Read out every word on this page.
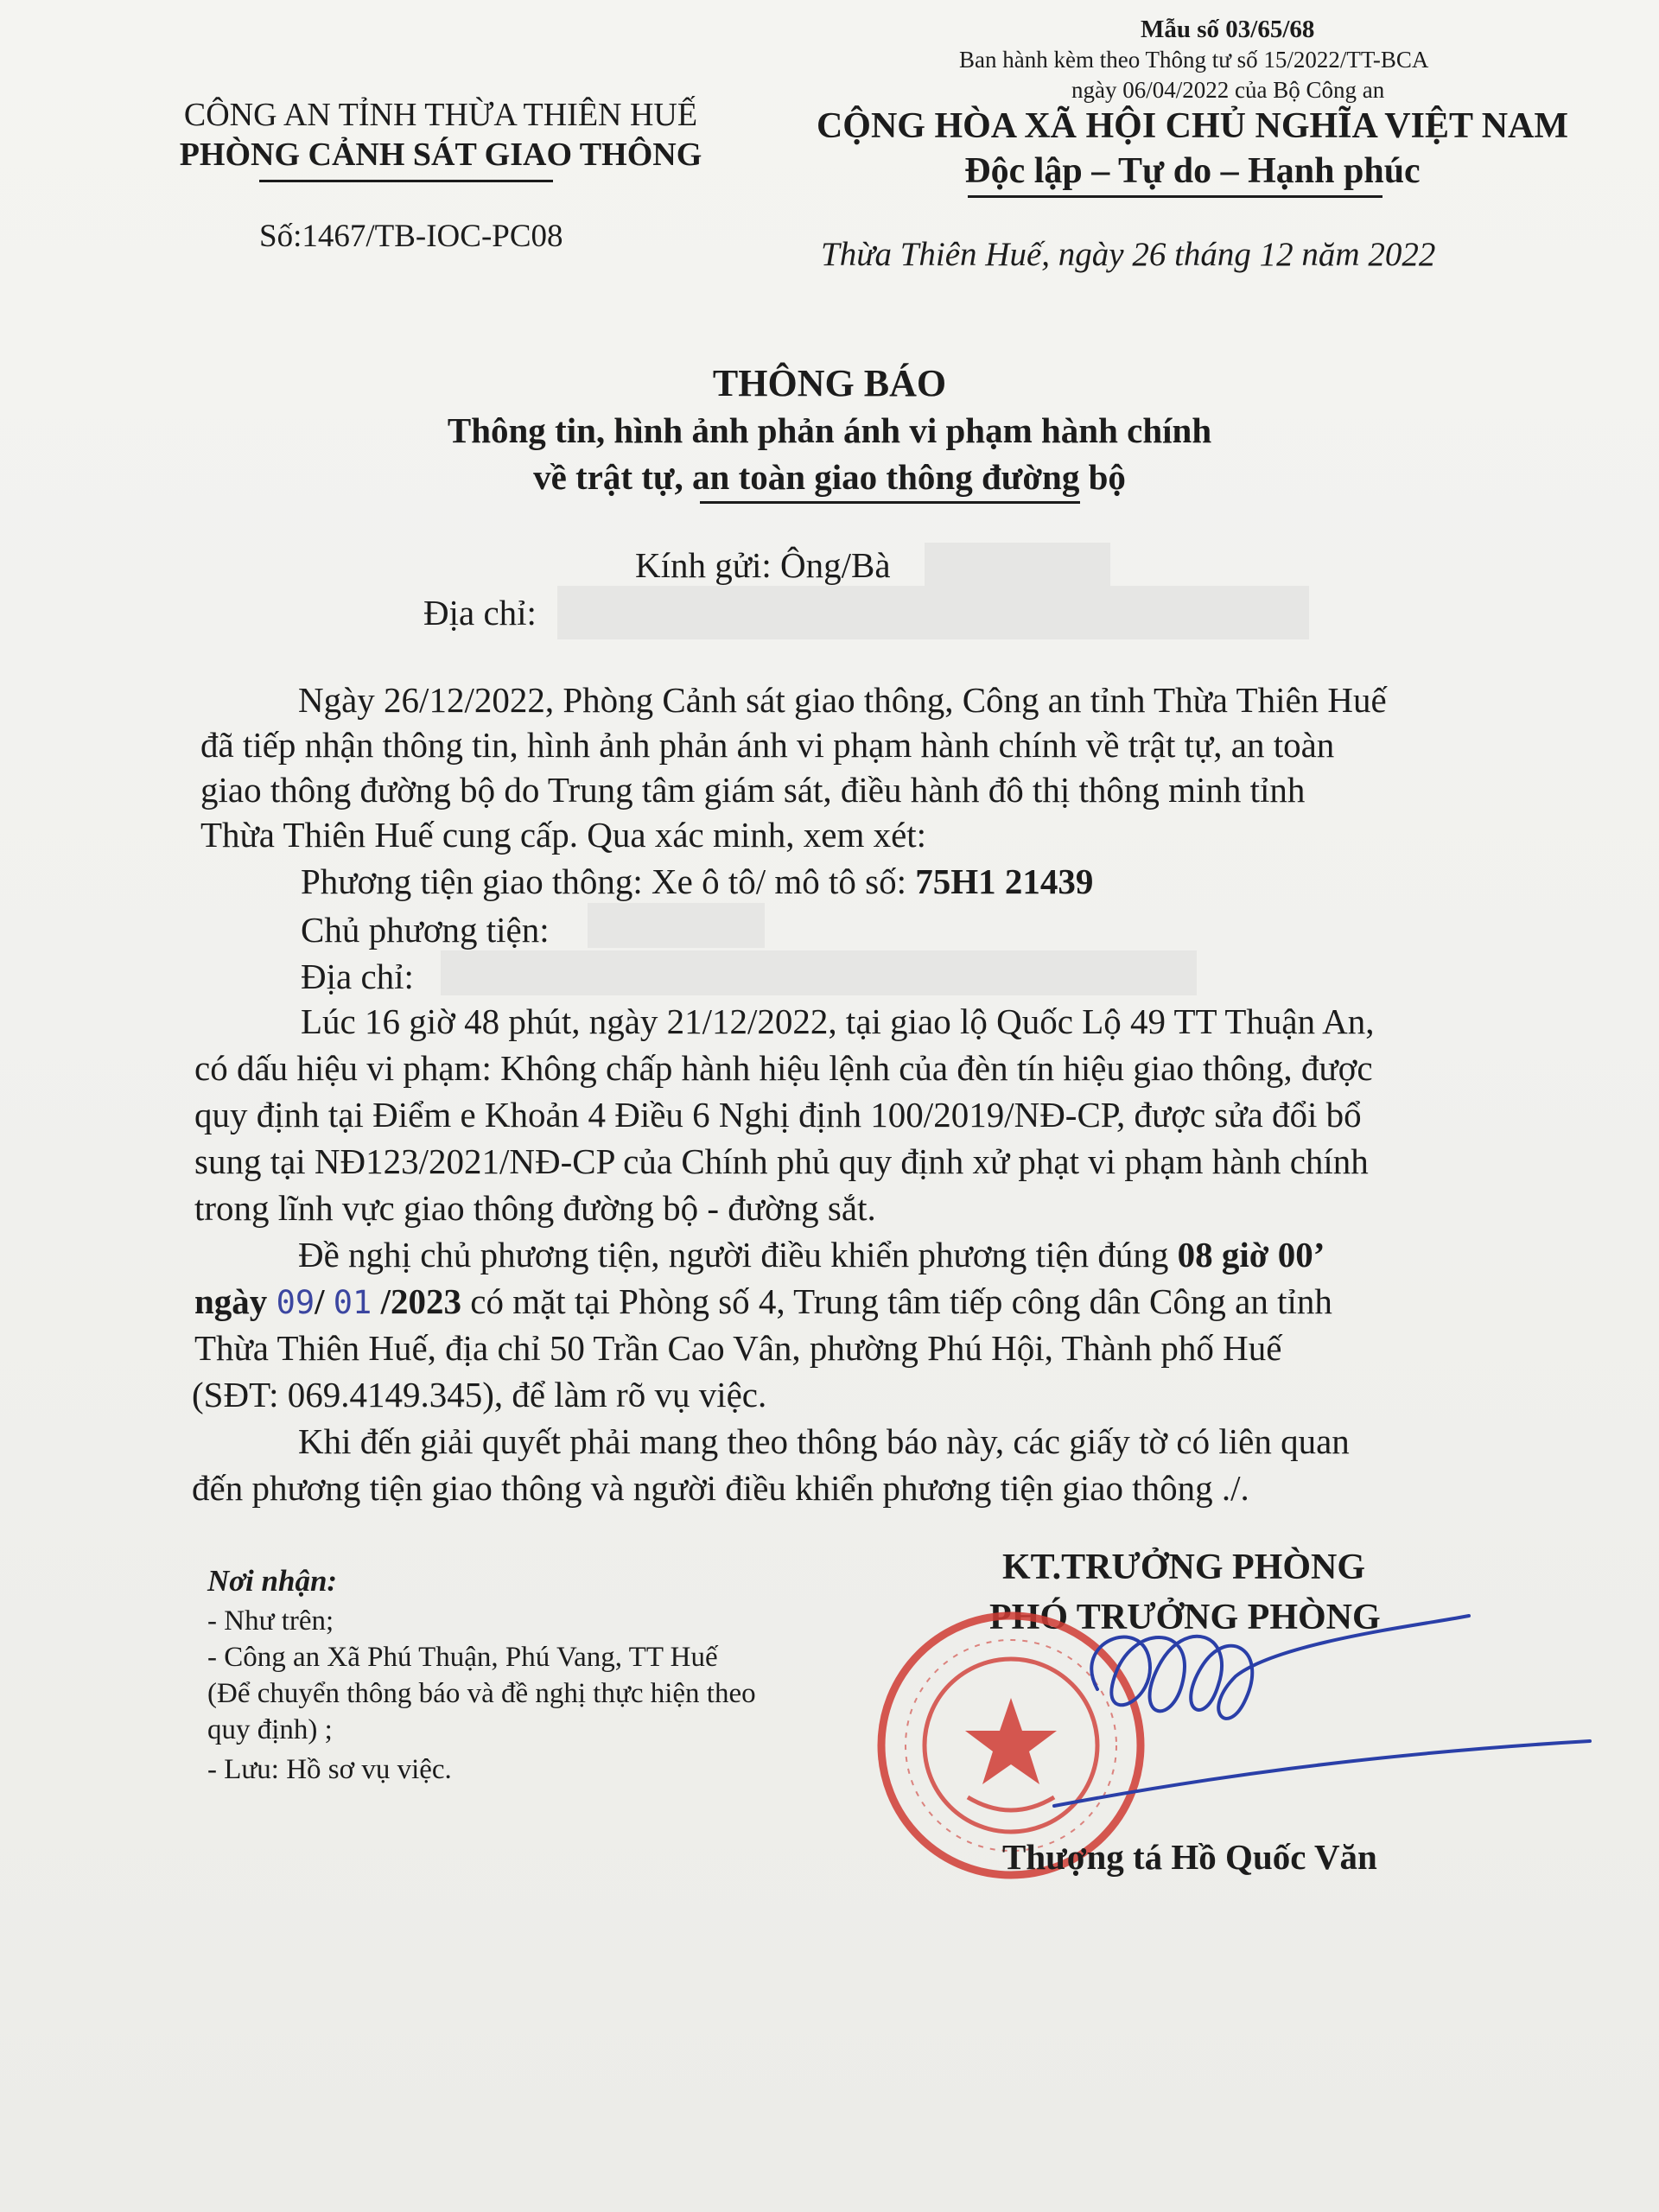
Mẫu số 03/65/68
Ban hành kèm theo Thông tư số 15/2022/TT-BCA
ngày 06/04/2022 của Bộ Công an
CÔNG AN TỈNH THỪA THIÊN HUẾ
PHÒNG CẢNH SÁT GIAO THÔNG
CỘNG HÒA XÃ HỘI CHỦ NGHĨA VIỆT NAM
Độc lập – Tự do – Hạnh phúc
Số:1467/TB-IOC-PC08	Thừa Thiên Huế, ngày 26 tháng 12 năm 2022
THÔNG BÁO
Thông tin, hình ảnh phản ánh vi phạm hành chính
về trật tự, an toàn giao thông đường bộ
Kính gửi: Ông/Bà
Địa chỉ:
Ngày 26/12/2022, Phòng Cảnh sát giao thông, Công an tỉnh Thừa Thiên Huế
đã tiếp nhận thông tin, hình ảnh phản ánh vi phạm hành chính về trật tự, an toàn
giao thông đường bộ do Trung tâm giám sát, điều hành đô thị thông minh tỉnh
Thừa Thiên Huế cung cấp. Qua xác minh, xem xét:
Phương tiện giao thông: Xe ô tô/ mô tô số: 75H1 21439
Chủ phương tiện:
Địa chỉ:
Lúc 16 giờ 48 phút, ngày 21/12/2022, tại giao lộ Quốc Lộ 49 TT Thuận An,
có dấu hiệu vi phạm: Không chấp hành hiệu lệnh của đèn tín hiệu giao thông, được
quy định tại Điểm e Khoản 4 Điều 6 Nghị định 100/2019/NĐ-CP, được sửa đổi bổ
sung tại NĐ123/2021/NĐ-CP của Chính phủ quy định xử phạt vi phạm hành chính
trong lĩnh vực giao thông đường bộ - đường sắt.
Đề nghị chủ phương tiện, người điều khiển phương tiện đúng 08 giờ 00’
ngày 09/ 01 /2023 có mặt tại Phòng số 4, Trung tâm tiếp công dân Công an tỉnh
Thừa Thiên Huế, địa chỉ 50 Trần Cao Vân, phường Phú Hội, Thành phố Huế
(SĐT: 069.4149.345), để làm rõ vụ việc.
Khi đến giải quyết phải mang theo thông báo này, các giấy tờ có liên quan
đến phương tiện giao thông và người điều khiển phương tiện giao thông ./.
Nơi nhận:
- Như trên;
- Công an Xã Phú Thuận, Phú Vang, TT Huế
(Để chuyển thông báo và đề nghị thực hiện theo
quy định) ;
- Lưu: Hồ sơ vụ việc.
KT.TRƯỞNG PHÒNG
PHÓ TRƯỞNG PHÒNG
Thượng tá Hồ Quốc Văn
